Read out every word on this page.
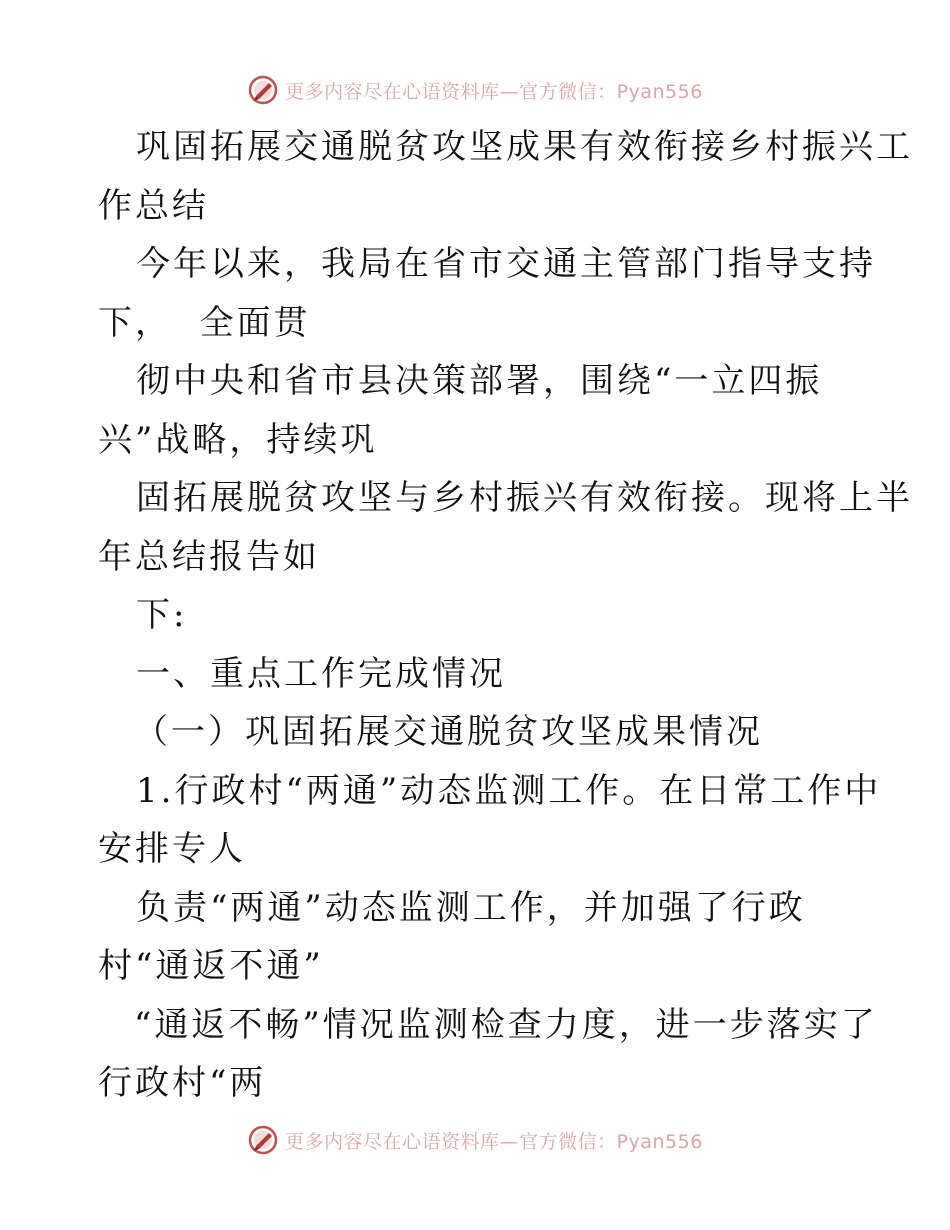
更多内容尽在心语资料库—官方微信：Pyan556
巩固拓展交通脱贫攻坚成果有效衔接乡村振兴工
作总结
今年以来，我局在省市交通主管部门指导支持
下，  全面贯
彻中央和省市县决策部署，围绕“一立四振
兴”战略，持续巩
固拓展脱贫攻坚与乡村振兴有效衔接。现将上半
年总结报告如
下:
一、重点工作完成情况
（一）巩固拓展交通脱贫攻坚成果情况
1.行政村“两通”动态监测工作。在日常工作中
安排专人
负责“两通”动态监测工作，并加强了行政
村“通返不通”
“通返不畅”情况监测检查力度，进一步落实了
行政村“两
更多内容尽在心语资料库—官方微信：Pyan556
